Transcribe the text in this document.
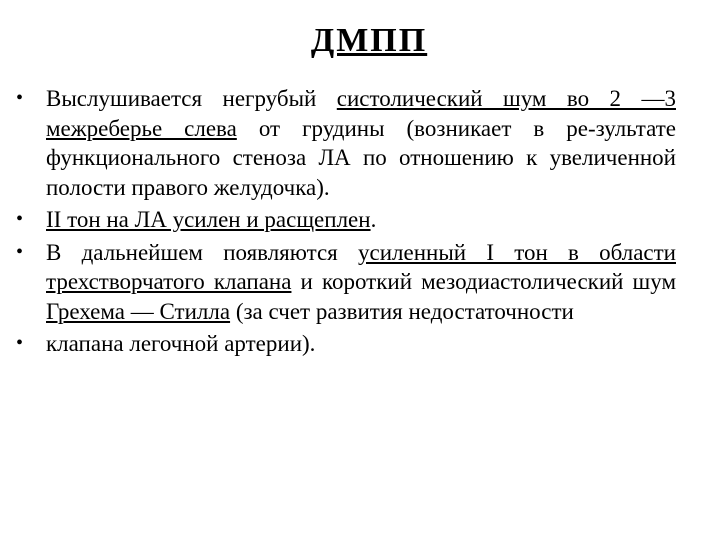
ДМПП
• Выслушивается негрубый систолический шум во 2 —3 межреберье слева от грудины (возникает в ре-зультате функционального стеноза ЛА по отношению к увеличенной полости правого желудочка).
• II тон на ЛА усилен и расщеплен.
• В дальнейшем появляются усиленный I тон в области трехстворчатого клапана и короткий мезодиастолический шум Грехема — Стилла (за счет развития недостаточности
• клапана легочной артерии).
